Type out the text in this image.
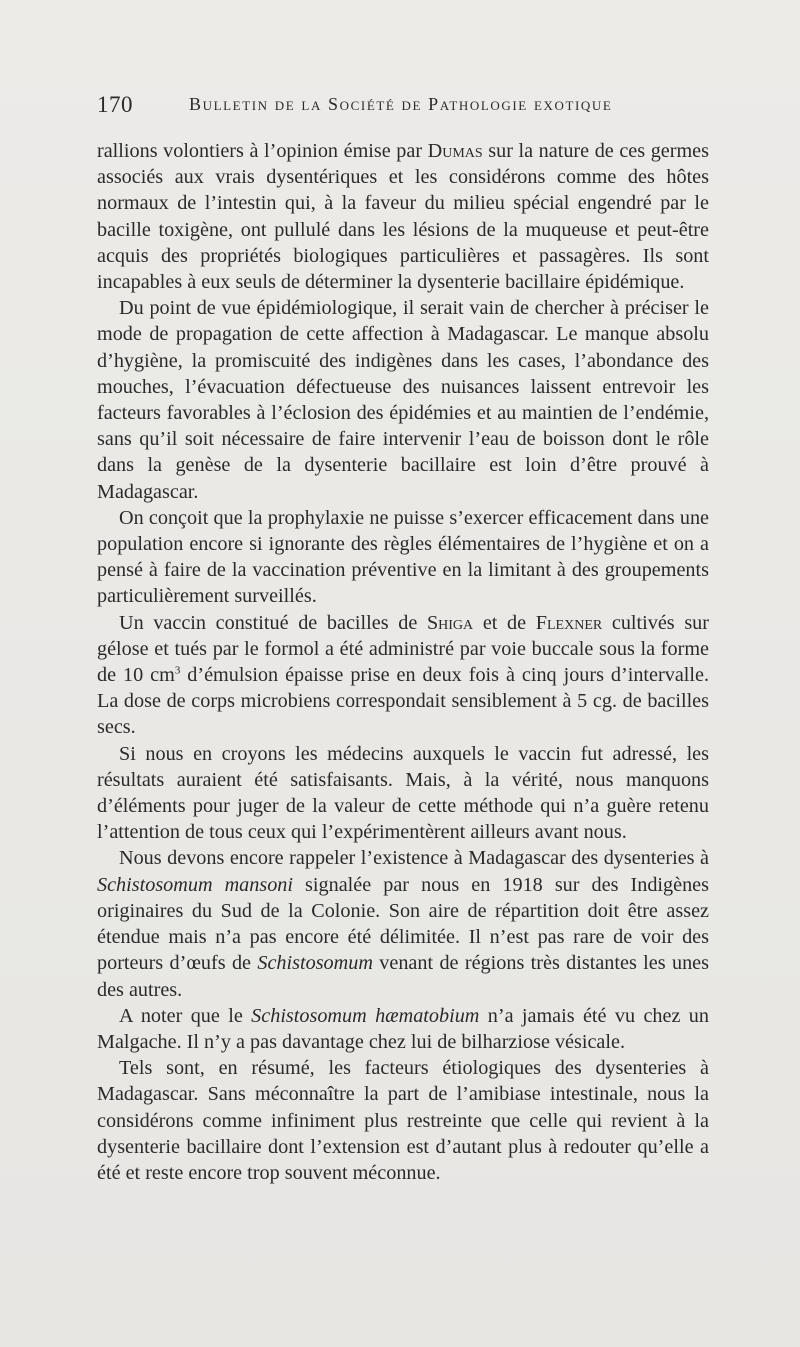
170	Bulletin de la Société de Pathologie exotique

rallions volontiers à l’opinion émise par Dumas sur la nature de ces germes associés aux vrais dysentériques et les considérons comme des hôtes normaux de l’intestin qui, à la faveur du milieu spécial engendré par le bacille toxigène, ont pullulé dans les lésions de la muqueuse et peut-être acquis des propriétés biologiques particulières et passagères. Ils sont incapables à eux seuls de déterminer la dysenterie bacillaire épidémique.

Du point de vue épidémiologique, il serait vain de chercher à préciser le mode de propagation de cette affection à Madagascar. Le manque absolu d’hygiène, la promiscuité des indigènes dans les cases, l’abondance des mouches, l’évacuation défectueuse des nuisances laissent entrevoir les facteurs favorables à l’éclosion des épidémies et au maintien de l’endémie, sans qu’il soit nécessaire de faire intervenir l’eau de boisson dont le rôle dans la genèse de la dysenterie bacillaire est loin d’être prouvé à Madagascar.

On conçoit que la prophylaxie ne puisse s’exercer efficacement dans une population encore si ignorante des règles élémentaires de l’hygiène et on a pensé à faire de la vaccination préventive en la limitant à des groupements particulièrement surveillés.

Un vaccin constitué de bacilles de Shiga et de Flexner cultivés sur gélose et tués par le formol a été administré par voie buccale sous la forme de 10 $cm^3$ d’émulsion épaisse prise en deux fois à cinq jours d’intervalle. La dose de corps microbiens correspondait sensiblement à 5 cg. de bacilles secs.

Si nous en croyons les médecins auxquels le vaccin fut adressé, les résultats auraient été satisfaisants. Mais, à la vérité, nous manquons d’éléments pour juger de la valeur de cette méthode qui n’a guère retenu l’attention de tous ceux qui l’expérimentèrent ailleurs avant nous.

Nous devons encore rappeler l’existence à Madagascar des dysenteries à Schistosomum mansoni signalée par nous en 1918 sur des Indigènes originaires du Sud de la Colonie. Son aire de répartition doit être assez étendue mais n’a pas encore été délimitée. Il n’est pas rare de voir des porteurs d’œufs de Schistosomum venant de régions très distantes les unes des autres.

A noter que le Schistosomum hæmatobium n’a jamais été vu chez un Malgache. Il n’y a pas davantage chez lui de bilharziose vésicale.

Tels sont, en résumé, les facteurs étiologiques des dysenteries à Madagascar. Sans méconnaître la part de l’amibiase intestinale, nous la considérons comme infiniment plus restreinte que celle qui revient à la dysenterie bacillaire dont l’extension est d’autant plus à redouter qu’elle a été et reste encore trop souvent méconnue.
